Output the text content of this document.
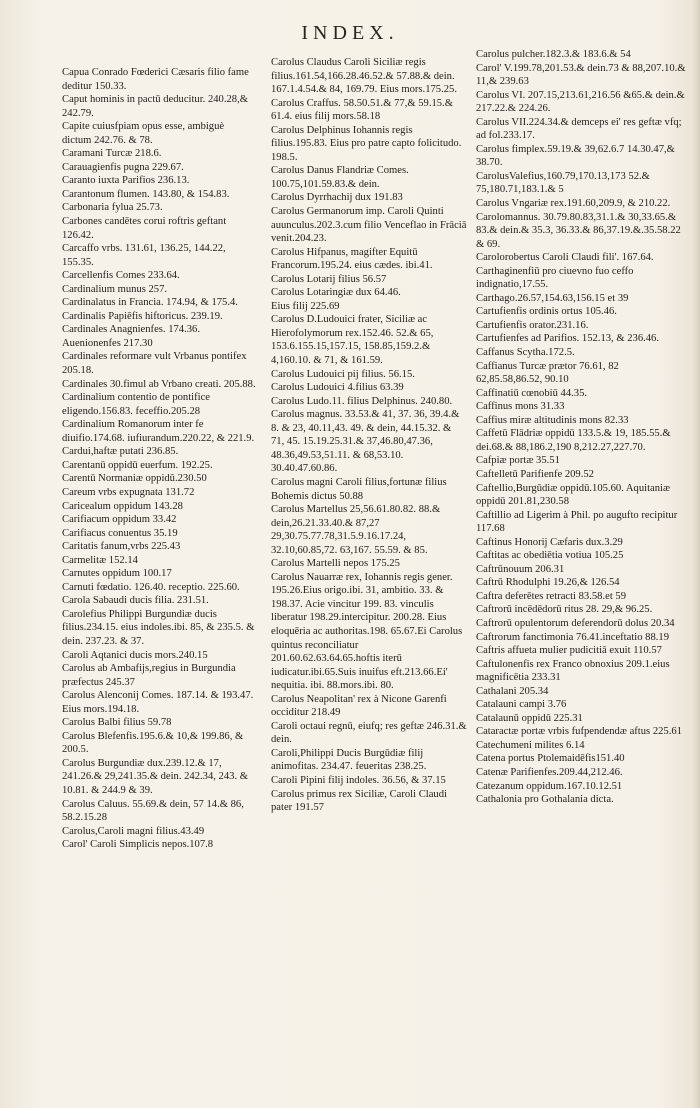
INDEX.

Capua Conrado Fœderici Cæsaris filio fame deditur 150.33.

Caput hominis in pactū deducitur. 240.28,& 242.79.

Capite cuiusfpiam opus esse, ambiguè dictum 242.76. & 78.

Caramani Turcæ 218.6.

Carauagienfis pugna 229.67.

Caranto iuxta Parifios 236.13.

Carantonum flumen. 143.80, & 154.83.

Carbonaria fylua 25.73.

Carbones candētes corui roftris geftant 126.42.

Carcaffo vrbs. 131.61, 136.25, 144.22, 155.35.

Carcellenfis Comes 233.64.

Cardinalium munus 257.

Cardinalatus in Francia. 174.94, & 175.4.

Cardinalis Papiēfis hiftoricus. 239.19.

Cardinales Anagnienfes. 174.36.

Auenionenfes 217.30

Cardinales reformare vult Vrbanus pontifex 205.18.

Cardinales 30.fimul ab Vrbano creati. 205.88.

Cardinalium contentio de pontifice eligendo.156.83. feceffio.205.28

Cardinalium Romanorum inter fe diuifio.174.68. iufiurandum.220.22, & 221.9.

Cardui,haftæ putati 236.85.

Carentanū oppidū euerfum. 192.25.

Carentū Normaniæ oppidū.230.50

Careum vrbs expugnata 131.72

Caricealum oppidum 143.28

Carifiacum oppidum 33.42

Carifiacus conuentus 35.19

Caritatis fanum,vrbs 225.43

Carmelitæ 152.14

Carnutes oppidum 100.17

Carnuti fœdatio. 126.40. receptio. 225.60.

Carola Sabaudi ducis filia. 231.51.

Carolefius Philippi Burgundiæ ducis filius.234.15. eius indoles.ibi. 85, & 235.5. & dein. 237.23. & 37.

Caroli Aqtanici ducis mors.240.15

Carolus ab Ambafijs,regius in Burgundia præfectus 245.37

Carolus Alenconij Comes. 187.14. & 193.47. Eius mors.194.18.

Carolus Balbi filius 59.78

Carolus Blefenfis.195.6.& 10,& 199.86, & 200.5.

Carolus Burgundiæ dux.239.12.& 17, 241.26.& 29,241.35.& dein. 242.34, 243. & 10.81. & 244.9 & 39.

Carolus Caluus. 55.69.& dein, 57 14.& 86, 58.2.15.28

Carolus,Caroli magni filius.43.49

Carol' Caroli Simplicis nepos.107.8

Carolus Claudus Caroli Siciliæ regis filius.161.54,166.28.46.52.& 57.88.& dein. 167.1.4.54.& 84, 169.79. Eius mors.175.25.

Carolus Craffus. 58.50.51.& 77,& 59.15.& 61.4. eius filij mors.58.18

Carolus Delphinus Iohannis regis filius.195.83. Eius pro patre capto folicitudo. 198.5.

Carolus Danus Flandriæ Comes. 100.75,101.59.83.& dein.

Carolus Dyrrhachij dux 191.83

Carolus Germanorum imp. Caroli Quinti auunculus.202.3.cum filio Venceflao in Frāciā venit.204.23.

Carolus Hifpanus, magifter Equitū Francorum.195.24. eius cædes. ibi.41.

Carolus Lotarij filius 56.57

Carolus Lotaringiæ dux 64.46.

Eius filij 225.69

Carolus D.Ludouici frater, Siciliæ ac Hierofolymorum rex.152.46. 52.& 65, 153.6.155.15,157.15, 158.85,159.2.& 4,160.10. & 71, & 161.59.

Carolus Ludouici pij filius. 56.15.

Carolus Ludouici 4.filius 63.39

Carolus Ludo.11. filius Delphinus. 240.80.

Carolus magnus. 33.53.& 41, 37. 36, 39.4.& 8. & 23, 40.11,43. 49. & dein, 44.15.32. & 71, 45. 15.19.25.31.& 37,46.80,47.36, 48.36,49.53,51.11. & 68,53.10. 30.40.47.60.86.

Carolus magni Caroli filius,fortunæ filius Bohemis dictus 50.88

Carolus Martellus 25,56.61.80.82. 88.& dein,26.21.33.40.& 87,27 29,30.75.77.78,31.5.9.16.17.24, 32.10,60.85,72. 63,167. 55.59. & 85.

Carolus Martelli nepos 175.25

Carolus Nauarræ rex, Iohannis regis gener. 195.26.Eius origo.ibi. 31, ambitio. 33. & 198.37. Acie vincitur 199. 83. vinculis liberatur 198.29.intercipitur. 200.28. Eius eloquēria ac authoritas.198. 65.67.Ei Carolus quintus reconciliatur 201.60.62.63.64.65.hoftis iterū iudicatur.ibi.65.Suis inuifus eft.213.66.Ei' nequitia. ibi. 88.mors.ibi. 80.

Carolus Neapolitan' rex à Nicone Garenfi occiditur 218.49

Caroli octaui regnū, eiufq; res geftæ 246.31.& dein.

Caroli,Philippi Ducis Burgūdiæ filij animofitas. 234.47. feueritas 238.25.

Caroli Pipini filij indoles. 36.56, & 37.15

Carolus primus rex Siciliæ, Caroli Claudi pater 191.57

Carolus pulcher.182.3.& 183.6.& 54

Carol' V.199.78,201.53.& dein.73 & 88,207.10.& 11,& 239.63

Carolus VI. 207.15,213.61,216.56 &65.& dein.& 217.22.& 224.26.

Carolus VII.224.34.& demceps ei' res geftæ vfq; ad fol.233.17.

Carolus fimplex.59.19.& 39,62.6.7 14.30.47,& 38.70.

CarolusValefius,160.79,170.13,173 52.& 75,180.71,183.1.& 5

Carolus Vngariæ rex.191.60,209.9, & 210.22.

Carolomannus. 30.79.80.83,31.1.& 30,33.65.& 83.& dein.& 35.3, 36.33.& 86,37.19.&.35.58.22 & 69.

Carolorobertus Caroli Claudi fili'. 167.64.

Carthaginenfiū pro ciuevno fuo ceffo indignatio,17.55.

Carthago.26.57,154.63,156.15 et 39

Cartufienfis ordinis ortus 105.46.

Cartufienfis orator.231.16.

Cartufienfes ad Parifios. 152.13, & 236.46.

Caffanus Scytha.172.5.

Caffianus Turcæ prætor 76.61, 82 62,85.58,86.52, 90.10

Caffinatiū cœnobiū 44.35.

Caffinus mons 31.33

Caffius miræ altitudinis mons 82.33

Caffetū Flādriæ oppidū 133.5.& 19, 185.55.& dei.68.& 88,186.2,190 8,212.27,227.70.

Cafpiæ portæ 35.51

Caftelletū Parifienfe 209.52

Caftellio,Burgūdiæ oppidū.105.60. Aquitaniæ oppidū 201.81,230.58

Caftillio ad Ligerim à Phil. po augufto recipitur 117.68

Caftinus Honorij Cæfaris dux.3.29

Caftitas ac obediētia votiua 105.25

Caftrūnouum 206.31

Caftrū Rhodulphi 19.26,& 126.54

Caftra deferētes retracti 83.58.et 59

Caftrorū incēdēdorū ritus 28. 29,& 96.25.

Caftrorū opulentorum deferendorū dolus 20.34

Caftrorum fanctimonia 76.41.inceftatio 88.19

Caftris affueta mulier pudicitiā exuit 110.57

Caftulonenfis rex Franco obnoxius 209.1.eius magnificētia 233.31

Cathalani 205.34

Catalauni campi 3.76

Catalaunū oppidū 225.31

Cataractæ portæ vrbis fufpendendæ aftus 225.61

Catechumeni milites 6.14

Catena portus Ptolemaidēfis151.40

Catenæ Parifienfes.209.44,212.46.

Catezanum oppidum.167.10.12.51

Cathalonia pro Gothalania dicta.
